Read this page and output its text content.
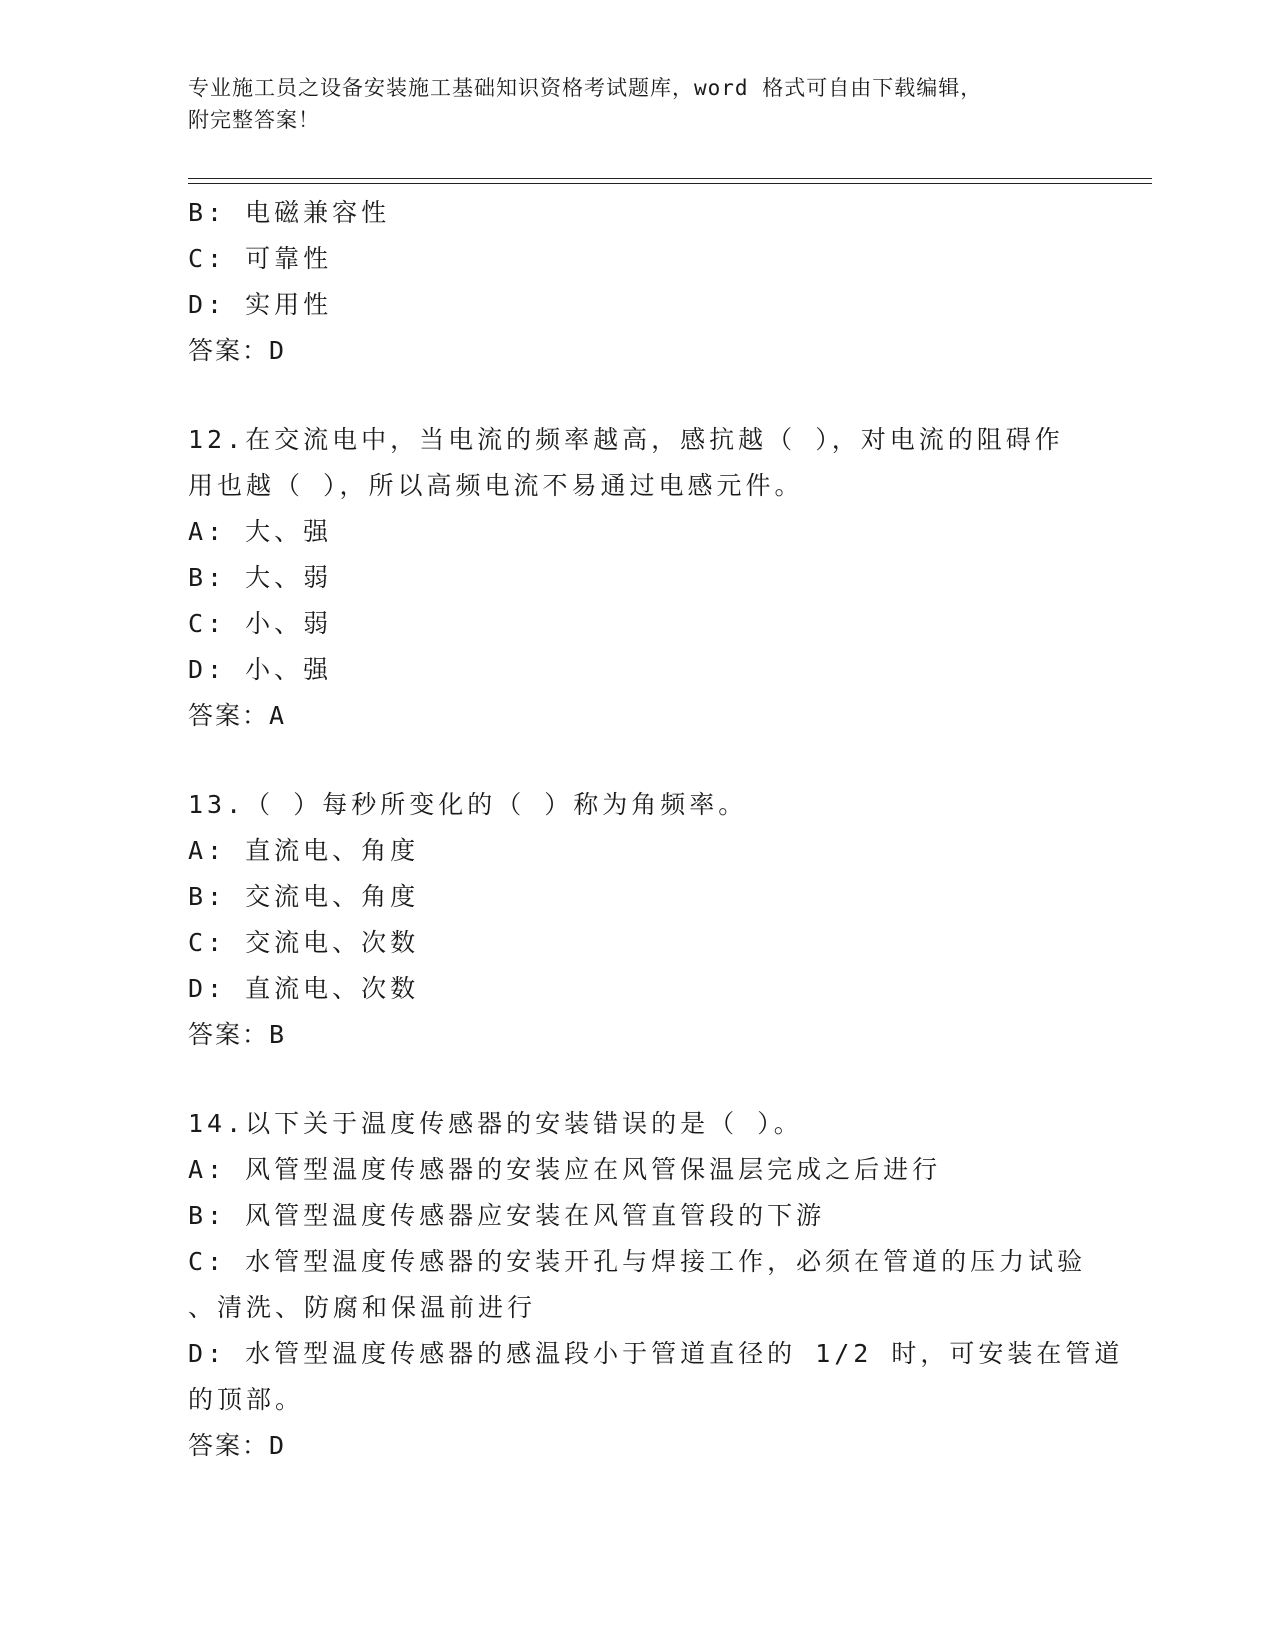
专业施工员之设备安装施工基础知识资格考试题库，word 格式可自由下载编辑，
附完整答案！
B: 电磁兼容性
C: 可靠性
D: 实用性
答案：D
12.在交流电中，当电流的频率越高，感抗越（ ），对电流的阻碍作
用也越（ ），所以高频电流不易通过电感元件。
A: 大、强
B: 大、弱
C: 小、弱
D: 小、强
答案：A
13.（ ）每秒所变化的（ ）称为角频率。
A: 直流电、角度
B: 交流电、角度
C: 交流电、次数
D: 直流电、次数
答案：B
14.以下关于温度传感器的安装错误的是（ ）。
A: 风管型温度传感器的安装应在风管保温层完成之后进行
B: 风管型温度传感器应安装在风管直管段的下游
C: 水管型温度传感器的安装开孔与焊接工作，必须在管道的压力试验
、清洗、防腐和保温前进行
D: 水管型温度传感器的感温段小于管道直径的 1/2 时，可安装在管道
的顶部。
答案：D
